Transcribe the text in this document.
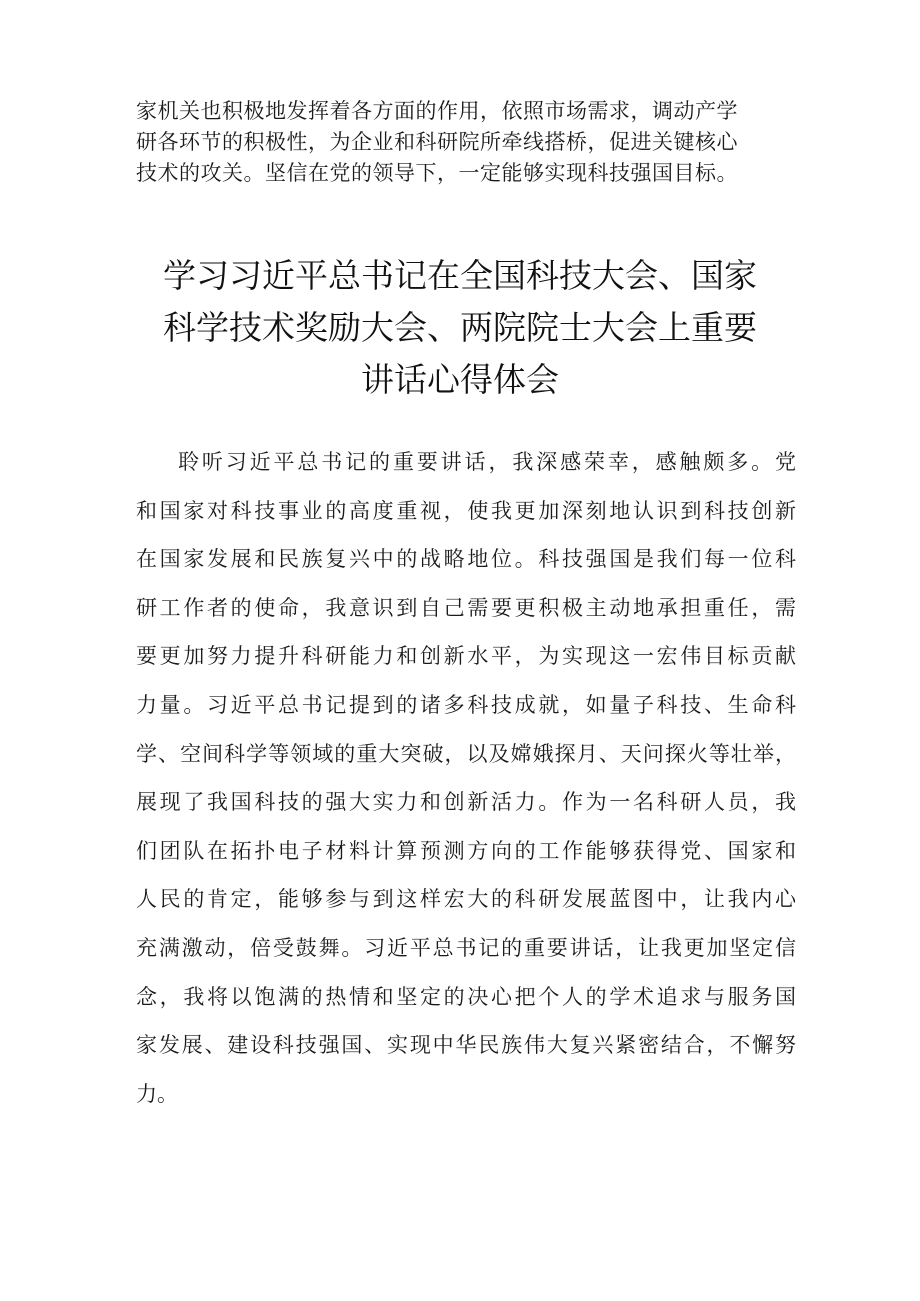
家机关也积极地发挥着各方面的作用，依照市场需求，调动产学
研各环节的积极性，为企业和科研院所牵线搭桥，促进关键核心
技术的攻关。坚信在党的领导下，一定能够实现科技强国目标。

学习习近平总书记在全国科技大会、国家
科学技术奖励大会、两院院士大会上重要
讲话心得体会
聆听习近平总书记的重要讲话，我深感荣幸，感触颇多。党
和国家对科技事业的高度重视，使我更加深刻地认识到科技创新
在国家发展和民族复兴中的战略地位。科技强国是我们每一位科
研工作者的使命，我意识到自己需要更积极主动地承担重任，需
要更加努力提升科研能力和创新水平，为实现这一宏伟目标贡献
力量。习近平总书记提到的诸多科技成就，如量子科技、生命科
学、空间科学等领域的重大突破，以及嫦娥探月、天问探火等壮举，
展现了我国科技的强大实力和创新活力。作为一名科研人员，我
们团队在拓扑电子材料计算预测方向的工作能够获得党、国家和
人民的肯定，能够参与到这样宏大的科研发展蓝图中，让我内心
充满激动，倍受鼓舞。习近平总书记的重要讲话，让我更加坚定信
念，我将以饱满的热情和坚定的决心把个人的学术追求与服务国
家发展、建设科技强国、实现中华民族伟大复兴紧密结合，不懈努
力。
